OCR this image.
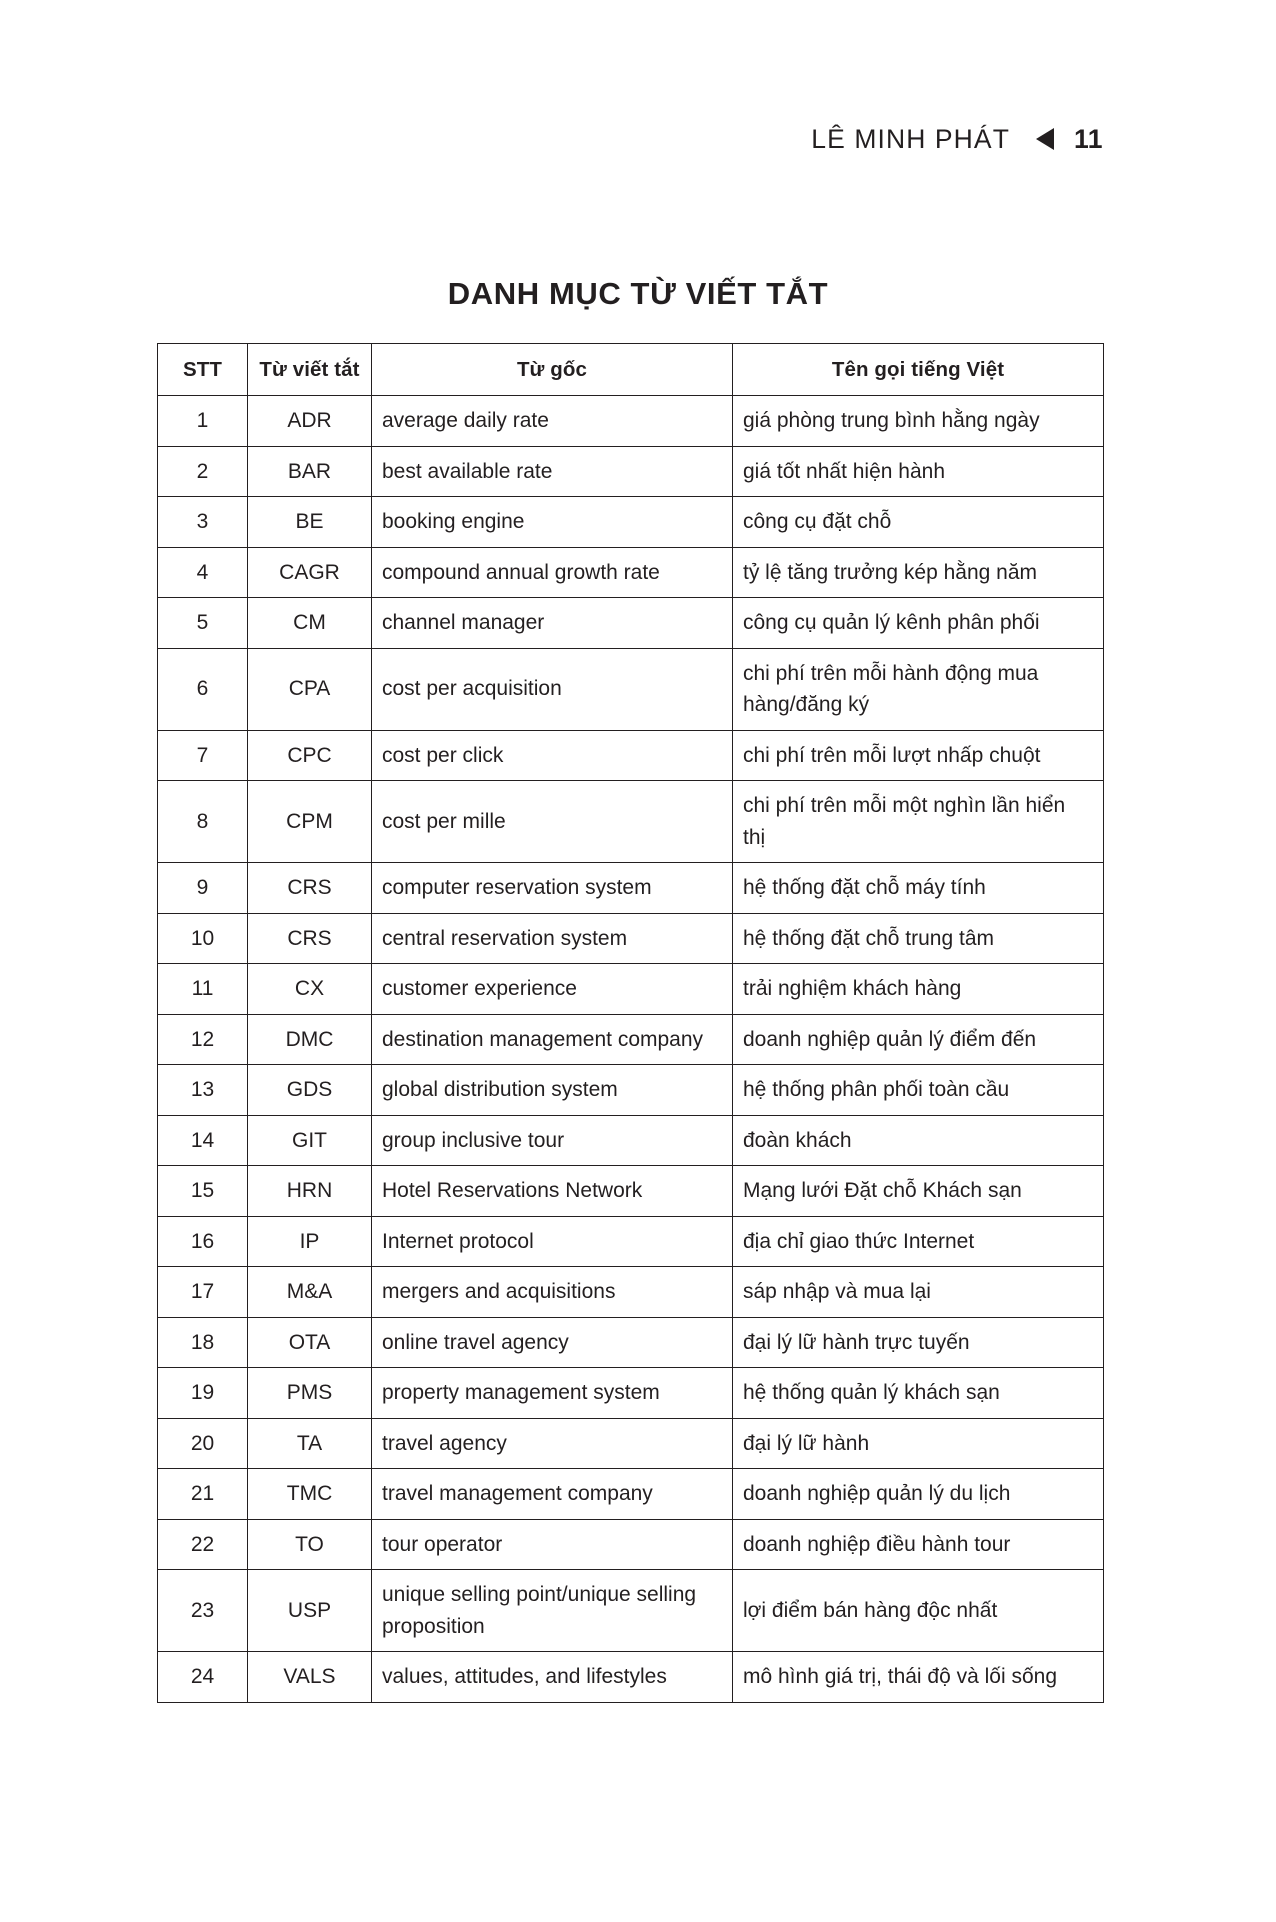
LÊ MINH PHÁT 11
DANH MỤC TỪ VIẾT TẮT
STT	Từ viết tắt	Từ gốc	Tên gọi tiếng Việt
1	ADR	average daily rate	giá phòng trung bình hằng ngày
2	BAR	best available rate	giá tốt nhất hiện hành
3	BE	booking engine	công cụ đặt chỗ
4	CAGR	compound annual growth rate	tỷ lệ tăng trưởng kép hằng năm
5	CM	channel manager	công cụ quản lý kênh phân phối
6	CPA	cost per acquisition	chi phí trên mỗi hành động mua hàng/đăng ký
7	CPC	cost per click	chi phí trên mỗi lượt nhấp chuột
8	CPM	cost per mille	chi phí trên mỗi một nghìn lần hiển thị
9	CRS	computer reservation system	hệ thống đặt chỗ máy tính
10	CRS	central reservation system	hệ thống đặt chỗ trung tâm
11	CX	customer experience	trải nghiệm khách hàng
12	DMC	destination management company	doanh nghiệp quản lý điểm đến
13	GDS	global distribution system	hệ thống phân phối toàn cầu
14	GIT	group inclusive tour	đoàn khách
15	HRN	Hotel Reservations Network	Mạng lưới Đặt chỗ Khách sạn
16	IP	Internet protocol	địa chỉ giao thức Internet
17	M&A	mergers and acquisitions	sáp nhập và mua lại
18	OTA	online travel agency	đại lý lữ hành trực tuyến
19	PMS	property management system	hệ thống quản lý khách sạn
20	TA	travel agency	đại lý lữ hành
21	TMC	travel management company	doanh nghiệp quản lý du lịch
22	TO	tour operator	doanh nghiệp điều hành tour
23	USP	unique selling point/unique selling proposition	lợi điểm bán hàng độc nhất
24	VALS	values, attitudes, and lifestyles	mô hình giá trị, thái độ và lối sống
